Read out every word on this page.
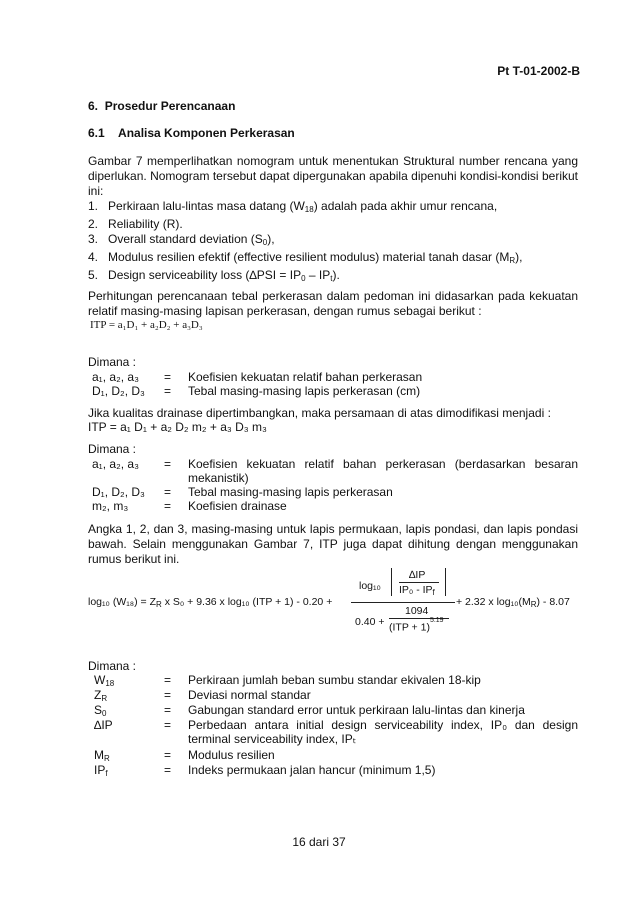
Pt T-01-2002-B
6. Prosedur Perencanaan
6.1 Analisa Komponen Perkerasan
Gambar 7 memperlihatkan nomogram untuk menentukan Struktural number rencana yang diperlukan. Nomogram tersebut dapat dipergunakan apabila dipenuhi kondisi-kondisi berikut ini:
1. Perkiraan lalu-lintas masa datang $(W_{18})$ adalah pada akhir umur rencana,
2. Reliability (R).
3. Overall standard deviation $(S_0)$,
4. Modulus resilien efektif (effective resilient modulus) material tanah dasar $(M_R)$,
5. Design serviceability loss $(\Delta PSI = IP_0 - IP_t)$.
Perhitungan perencanaan tebal perkerasan dalam pedoman ini didasarkan pada kekuatan relatif masing-masing lapisan perkerasan, dengan rumus sebagai berikut :
ITP = a₁D₁ + a₂D₂ + a₃D₃
Dimana :
a₁, a₂, a₃ = Koefisien kekuatan relatif bahan perkerasan
D₁, D₂, D₃ = Tebal masing-masing lapis perkerasan (cm)
Jika kualitas drainase dipertimbangkan, maka persamaan di atas dimodifikasi menjadi :
ITP = a₁ D₁ + a₂ D₂ m₂ + a₃ D₃ m₃
Dimana :
a₁, a₂, a₃ = Koefisien kekuatan relatif bahan perkerasan (berdasarkan besaran mekanistik)
D₁, D₂, D₃ = Tebal masing-masing lapis perkerasan
m₂, m₃	= Koefisien drainase
Angka 1, 2, dan 3, masing-masing untuk lapis permukaan, lapis pondasi, dan lapis pondasi bawah. Selain menggunakan Gambar 7, ITP juga dapat dihitung dengan menggunakan rumus berikut ini.
log₁₀ $(W_{18}) = Z_R$ x S₀ + 9.36 x log₁₀ (ITP + 1) - 0.20 +
log₁₀
∆IP
$IP_0 - IP_f$
0.40 +
1094
(ITP + 1)$^{5.19}$
+ 2.32 x $\log_{10}(M_R) - 8.07$
Dimana :
$W_{18}$	= Perkiraan jumlah beban sumbu standar ekivalen 18-kip
$Z_R$	= Deviasi normal standar
$S_0$	= Gabungan standard error untuk perkiraan lalu-lintas dan kinerja
∆IP	= Perbedaan antara initial design serviceability index, IP₀ dan design terminal serviceability index, IPₜ
$M_R$	= Modulus resilien
$IP_f$	= Indeks permukaan jalan hancur (minimum 1,5)
16 dari 37
